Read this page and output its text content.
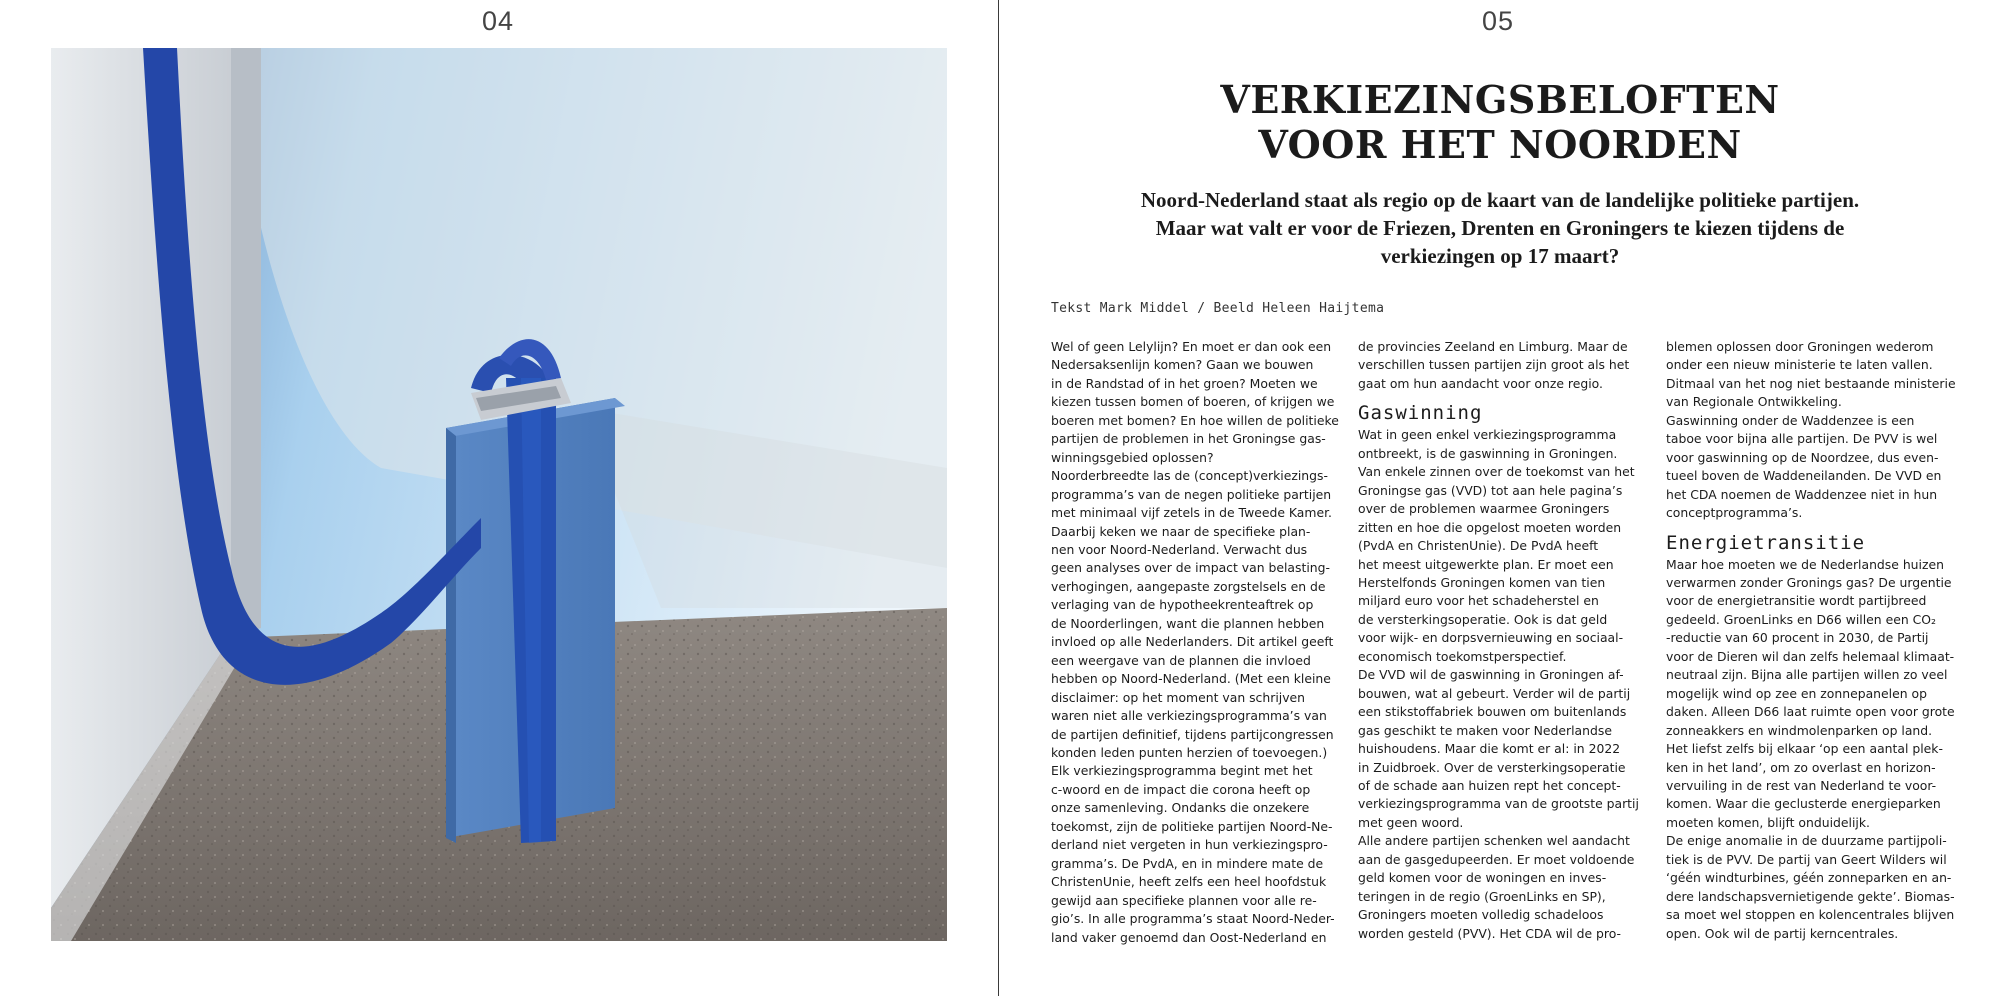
04	05
VERKIEZINGSBELOFTEN
VOOR HET NOORDEN
Noord-Nederland staat als regio op de kaart van de landelijke politieke partijen.
Maar wat valt er voor de Friezen, Drenten en Groningers te kiezen tijdens de
verkiezingen op 17 maart?
Tekst Mark Middel / Beeld Heleen Haijtema
Wel of geen Lelylijn? En moet er dan ook een
Nedersaksenlijn komen? Gaan we bouwen
in de Randstad of in het groen? Moeten we
kiezen tussen bomen of boeren, of krijgen we
boeren met bomen? En hoe willen de politieke
partijen de problemen in het Groningse gas-
winningsgebied oplossen?
Noorderbreedte las de (concept)verkiezings-
programma’s van de negen politieke partijen
met minimaal vijf zetels in de Tweede Kamer.
Daarbij keken we naar de specifieke plan-
nen voor Noord-Nederland. Verwacht dus
geen analyses over de impact van belasting-
verhogingen, aangepaste zorgstelsels en de
verlaging van de hypotheekrenteaftrek op
de Noorderlingen, want die plannen hebben
invloed op alle Nederlanders. Dit artikel geeft
een weergave van de plannen die invloed
hebben op Noord-Nederland. (Met een kleine
disclaimer: op het moment van schrijven
waren niet alle verkiezingsprogramma’s van
de partijen definitief, tijdens partijcongressen
konden leden punten herzien of toevoegen.)
Elk verkiezingsprogramma begint met het
c-woord en de impact die corona heeft op
onze samenleving. Ondanks die onzekere
toekomst, zijn de politieke partijen Noord-Ne-
derland niet vergeten in hun verkiezingspro-
gramma’s. De PvdA, en in mindere mate de
ChristenUnie, heeft zelfs een heel hoofdstuk
gewijd aan specifieke plannen voor alle re-
gio’s. In alle programma’s staat Noord-Neder-
land vaker genoemd dan Oost-Nederland en
de provincies Zeeland en Limburg. Maar de
verschillen tussen partijen zijn groot als het
gaat om hun aandacht voor onze regio.
Gaswinning
Wat in geen enkel verkiezingsprogramma
ontbreekt, is de gaswinning in Groningen.
Van enkele zinnen over de toekomst van het
Groningse gas (VVD) tot aan hele pagina’s
over de problemen waarmee Groningers
zitten en hoe die opgelost moeten worden
(PvdA en ChristenUnie). De PvdA heeft
het meest uitgewerkte plan. Er moet een
Herstelfonds Groningen komen van tien
miljard euro voor het schadeherstel en
de versterkingsoperatie. Ook is dat geld
voor wijk- en dorpsvernieuwing en sociaal-
economisch toekomstperspectief.
De VVD wil de gaswinning in Groningen af-
bouwen, wat al gebeurt. Verder wil de partij
een stikstoffabriek bouwen om buitenlands
gas geschikt te maken voor Nederlandse
huishoudens. Maar die komt er al: in 2022
in Zuidbroek. Over de versterkingsoperatie
of de schade aan huizen rept het concept-
verkiezingsprogramma van de grootste partij
met geen woord.
Alle andere partijen schenken wel aandacht
aan de gasgedupeerden. Er moet voldoende
geld komen voor de woningen en inves-
teringen in de regio (GroenLinks en SP),
Groningers moeten volledig schadeloos
worden gesteld (PVV). Het CDA wil de pro-
blemen oplossen door Groningen wederom
onder een nieuw ministerie te laten vallen.
Ditmaal van het nog niet bestaande ministerie
van Regionale Ontwikkeling.
Gaswinning onder de Waddenzee is een
taboe voor bijna alle partijen. De PVV is wel
voor gaswinning op de Noordzee, dus even-
tueel boven de Waddeneilanden. De VVD en
het CDA noemen de Waddenzee niet in hun
conceptprogramma’s.
Energietransitie
Maar hoe moeten we de Nederlandse huizen
verwarmen zonder Gronings gas? De urgentie
voor de energietransitie wordt partijbreed
gedeeld. GroenLinks en D66 willen een CO₂
-reductie van 60 procent in 2030, de Partij
voor de Dieren wil dan zelfs helemaal klimaat-
neutraal zijn. Bijna alle partijen willen zo veel
mogelijk wind op zee en zonnepanelen op
daken. Alleen D66 laat ruimte open voor grote
zonneakkers en windmolenparken op land.
Het liefst zelfs bij elkaar ‘op een aantal plek-
ken in het land’, om zo overlast en horizon-
vervuiling in de rest van Nederland te voor-
komen. Waar die geclusterde energieparken
moeten komen, blijft onduidelijk.
De enige anomalie in de duurzame partijpoli-
tiek is de PVV. De partij van Geert Wilders wil
‘géén windturbines, géén zonneparken en an-
dere landschapsvernietigende gekte’. Biomas-
sa moet wel stoppen en kolencentrales blijven
open. Ook wil de partij kerncentrales.
